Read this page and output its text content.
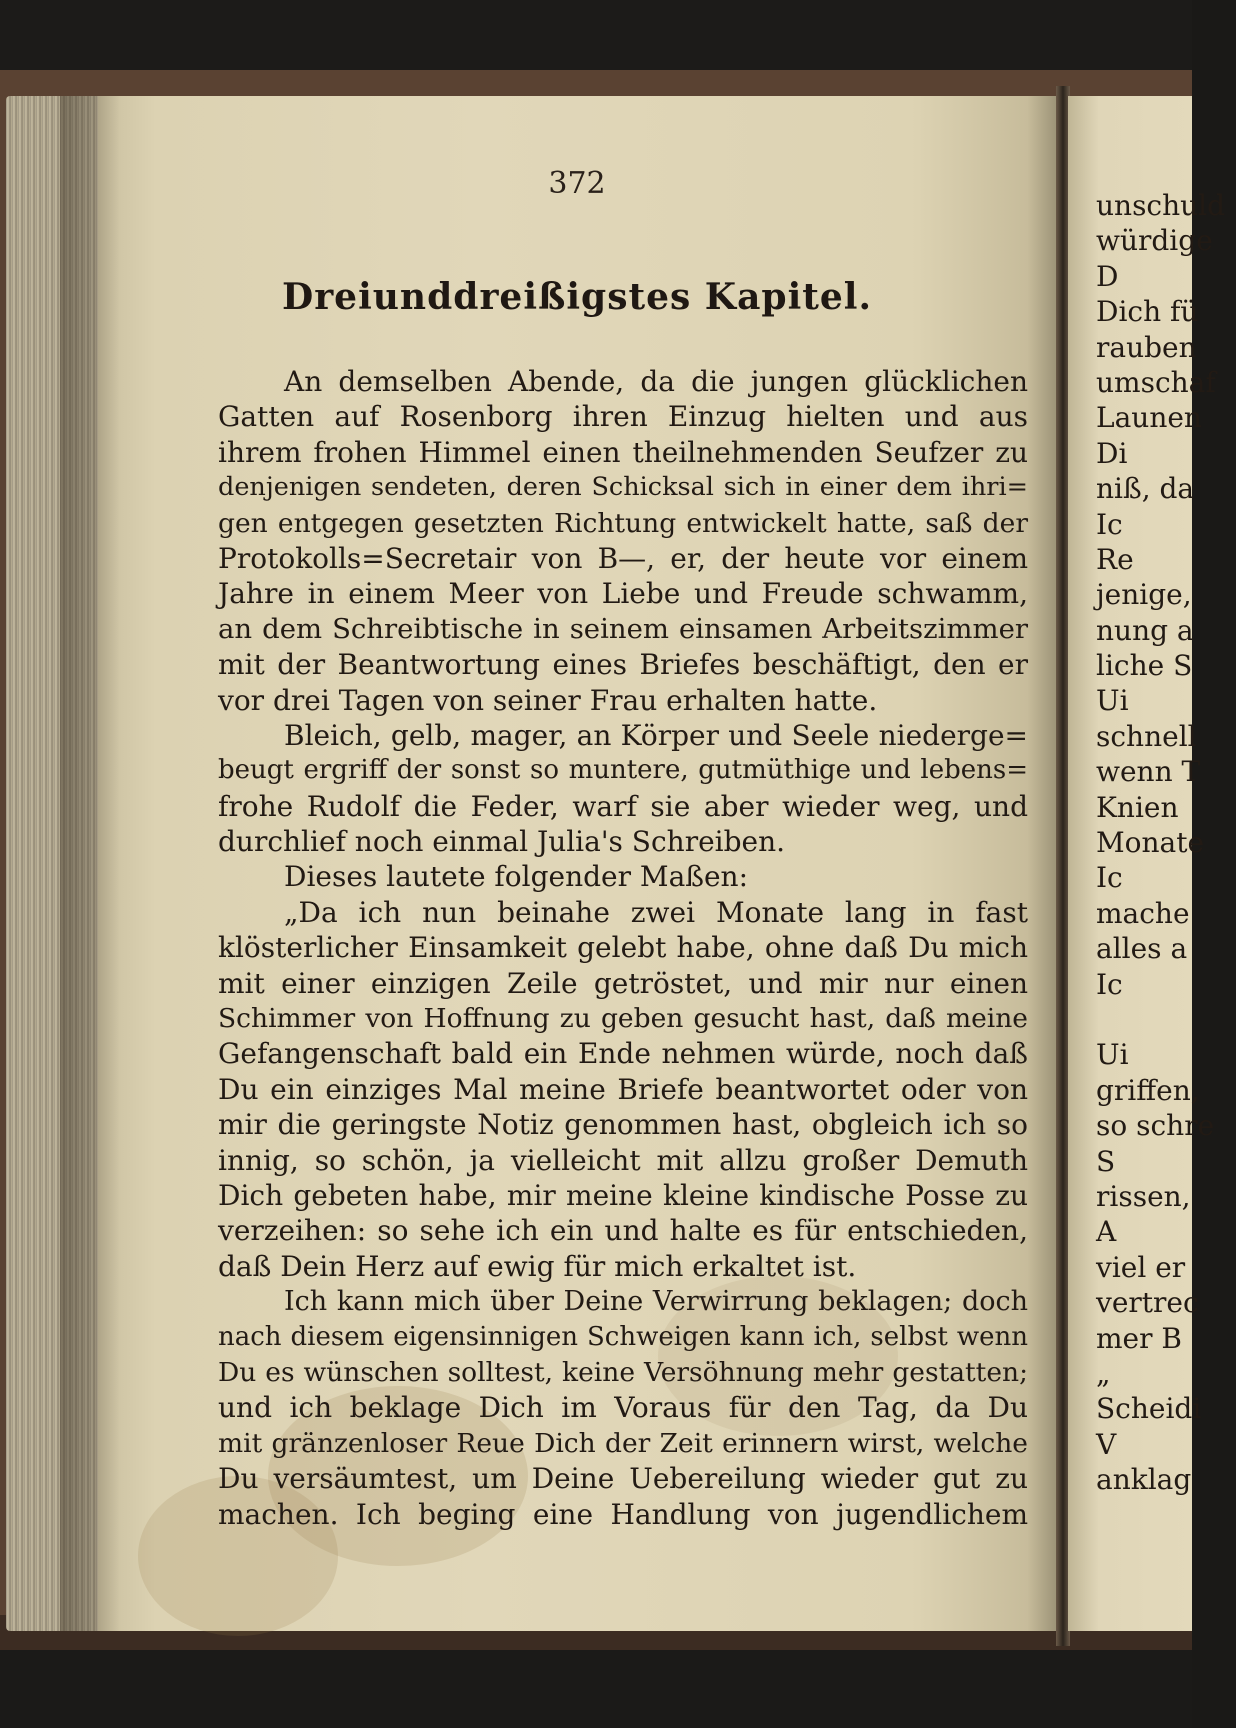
372
Dreiunddreißigstes Kapitel.
An demselben Abende, da die jungen glücklichen
Gatten auf Rosenborg ihren Einzug hielten und aus
ihrem frohen Himmel einen theilnehmenden Seufzer zu
denjenigen sendeten, deren Schicksal sich in einer dem ihri=
gen entgegen gesetzten Richtung entwickelt hatte, saß der
Protokolls=Secretair von B—, er, der heute vor einem
Jahre in einem Meer von Liebe und Freude schwamm,
an dem Schreibtische in seinem einsamen Arbeitszimmer
mit der Beantwortung eines Briefes beschäftigt, den er
vor drei Tagen von seiner Frau erhalten hatte.
Bleich, gelb, mager, an Körper und Seele niederge=
beugt ergriff der sonst so muntere, gutmüthige und lebens=
frohe Rudolf die Feder, warf sie aber wieder weg, und
durchlief noch einmal Julia's Schreiben.
Dieses lautete folgender Maßen:
„Da ich nun beinahe zwei Monate lang in fast
klösterlicher Einsamkeit gelebt habe, ohne daß Du mich
mit einer einzigen Zeile getröstet, und mir nur einen
Schimmer von Hoffnung zu geben gesucht hast, daß meine
Gefangenschaft bald ein Ende nehmen würde, noch daß
Du ein einziges Mal meine Briefe beantwortet oder von
mir die geringste Notiz genommen hast, obgleich ich so
innig, so schön, ja vielleicht mit allzu großer Demuth
Dich gebeten habe, mir meine kleine kindische Posse zu
verzeihen: so sehe ich ein und halte es für entschieden,
daß Dein Herz auf ewig für mich erkaltet ist.
Ich kann mich über Deine Verwirrung beklagen; doch
nach diesem eigensinnigen Schweigen kann ich, selbst wenn
Du es wünschen solltest, keine Versöhnung mehr gestatten;
und ich beklage Dich im Voraus für den Tag, da Du
mit gränzenloser Reue Dich der Zeit erinnern wirst, welche
Du versäumtest, um Deine Uebereilung wieder gut zu
machen. Ich beging eine Handlung von jugendlichem
unschuld
würdige
D
Dich fü
rauben
umschaf
Launen
Di
niß, da
Ic
Re
jenige,
nung a
liche S
Ui
schnell
wenn T
Knien
Monate
Ic
mache
alles a
Ic
Ui
griffen,
so schre
S
rissen,
A
viel er
vertrec
mer B
„
Scheidi
V
anklag
